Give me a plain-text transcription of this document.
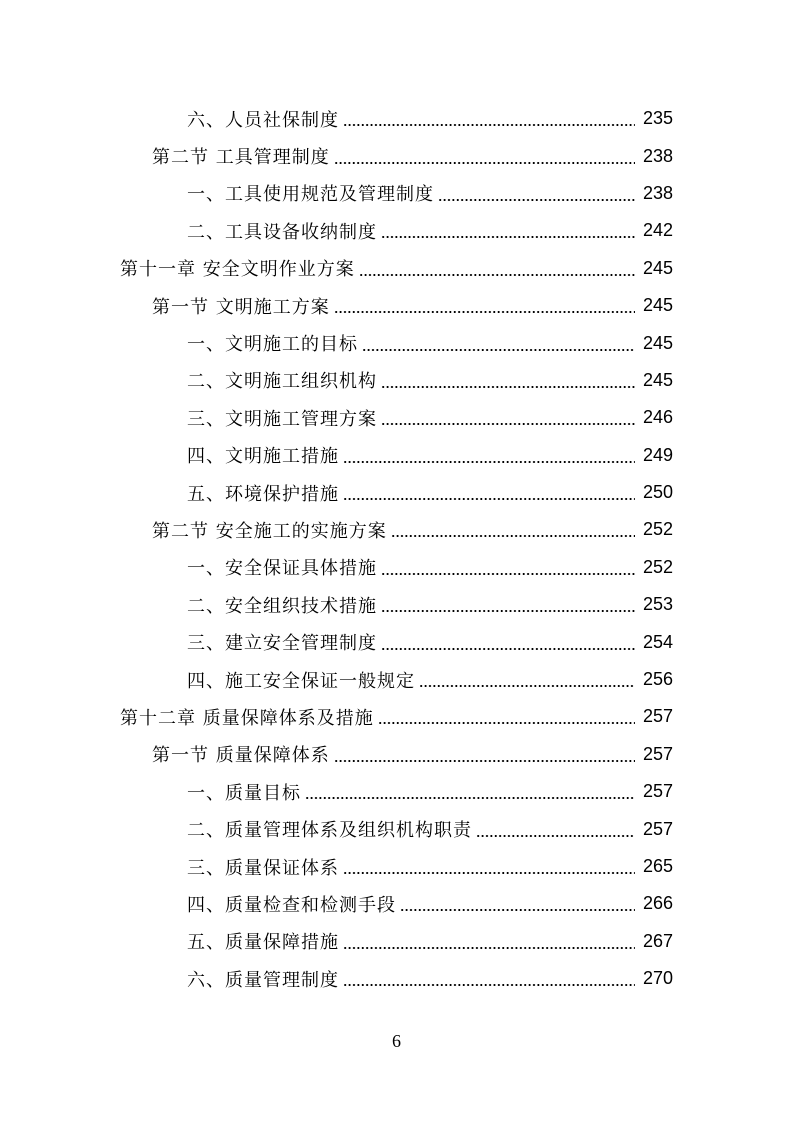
六、人员社保制度	235
第二节 工具管理制度	238
一、工具使用规范及管理制度	238
二、工具设备收纳制度	242
第十一章 安全文明作业方案	245
第一节 文明施工方案	245
一、文明施工的目标	245
二、文明施工组织机构	245
三、文明施工管理方案	246
四、文明施工措施	249
五、环境保护措施	250
第二节 安全施工的实施方案	252
一、安全保证具体措施	252
二、安全组织技术措施	253
三、建立安全管理制度	254
四、施工安全保证一般规定	256
第十二章 质量保障体系及措施	257
第一节 质量保障体系	257
一、质量目标	257
二、质量管理体系及组织机构职责	257
三、质量保证体系	265
四、质量检查和检测手段	266
五、质量保障措施	267
六、质量管理制度	270
6
